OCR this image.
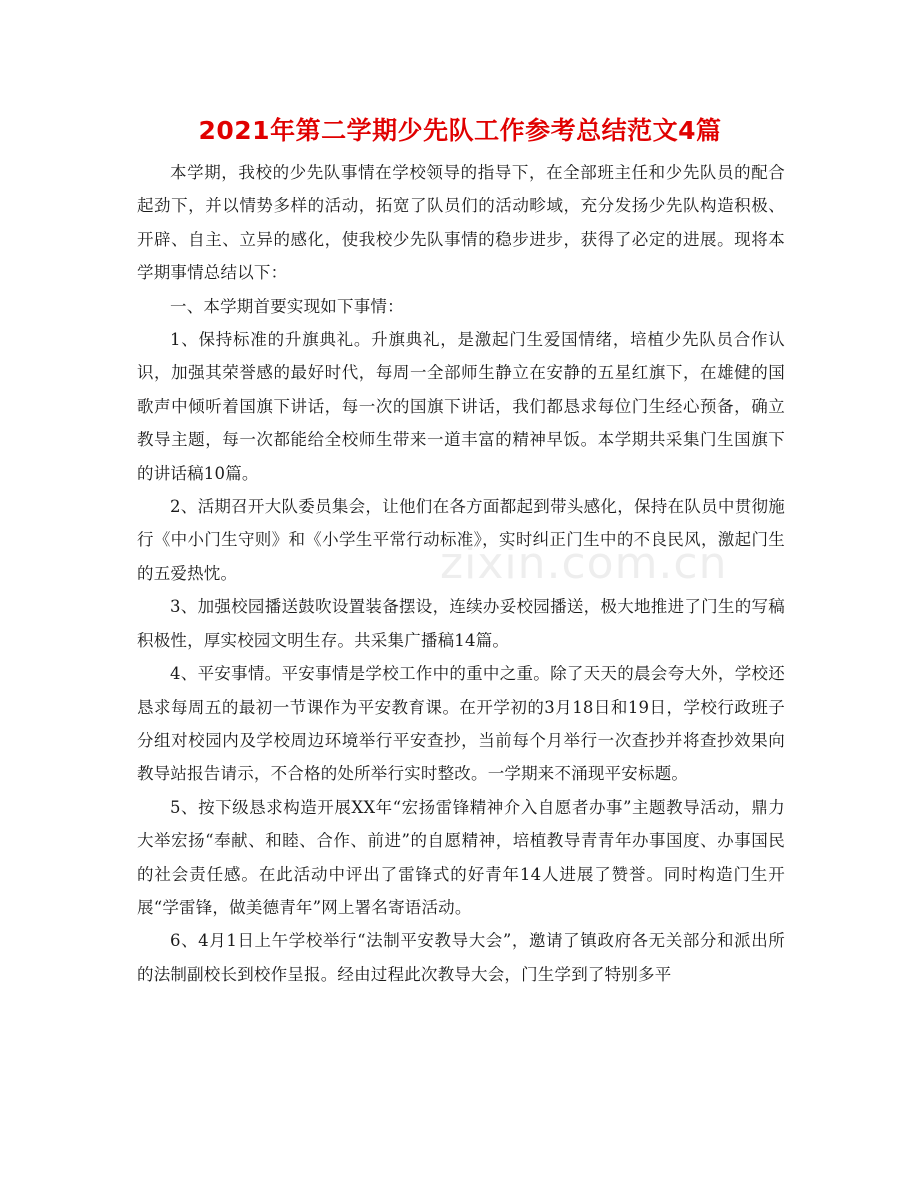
2021年第二学期少先队工作参考总结范文4篇

本学期，我校的少先队事情在学校领导的指导下，在全部班主任和少先队员的配合起劲下，并以情势多样的活动，拓宽了队员们的活动畛域，充分发扬少先队构造积极、开辟、自主、立异的感化，使我校少先队事情的稳步进步，获得了必定的进展。现将本学期事情总结以下：

一、本学期首要实现如下事情：

1、保持标准的升旗典礼。升旗典礼，是激起门生爱国情绪，培植少先队员合作认识，加强其荣誉感的最好时代，每周一全部师生静立在安静的五星红旗下，在雄健的国歌声中倾听着国旗下讲话，每一次的国旗下讲话，我们都恳求每位门生经心预备，确立教导主题，每一次都能给全校师生带来一道丰富的精神早饭。本学期共采集门生国旗下的讲话稿10篇。

2、活期召开大队委员集会，让他们在各方面都起到带头感化，保持在队员中贯彻施行《中小门生守则》和《小学生平常行动标准》，实时纠正门生中的不良民风，激起门生的五爱热忱。

3、加强校园播送鼓吹设置装备摆设，连续办妥校园播送，极大地推进了门生的写稿积极性，厚实校园文明生存。共采集广播稿14篇。

4、平安事情。平安事情是学校工作中的重中之重。除了天天的晨会夸大外，学校还恳求每周五的最初一节课作为平安教育课。在开学初的3月18日和19日，学校行政班子分组对校园内及学校周边环境举行平安查抄，当前每个月举行一次查抄并将查抄效果向教导站报告请示，不合格的处所举行实时整改。一学期来不涌现平安标题。

5、按下级恳求构造开展XX年“宏扬雷锋精神介入自愿者办事”主题教导活动，鼎力大举宏扬“奉献、和睦、合作、前进”的自愿精神，培植教导青青年办事国度、办事国民的社会责任感。在此活动中评出了雷锋式的好青年14人进展了赞誉。同时构造门生开展“学雷锋，做美德青年”网上署名寄语活动。

6、4月1日上午学校举行“法制平安教导大会”，邀请了镇政府各无关部分和派出所的法制副校长到校作呈报。经由过程此次教导大会，门生学到了特别多平

zixin.com.cn
